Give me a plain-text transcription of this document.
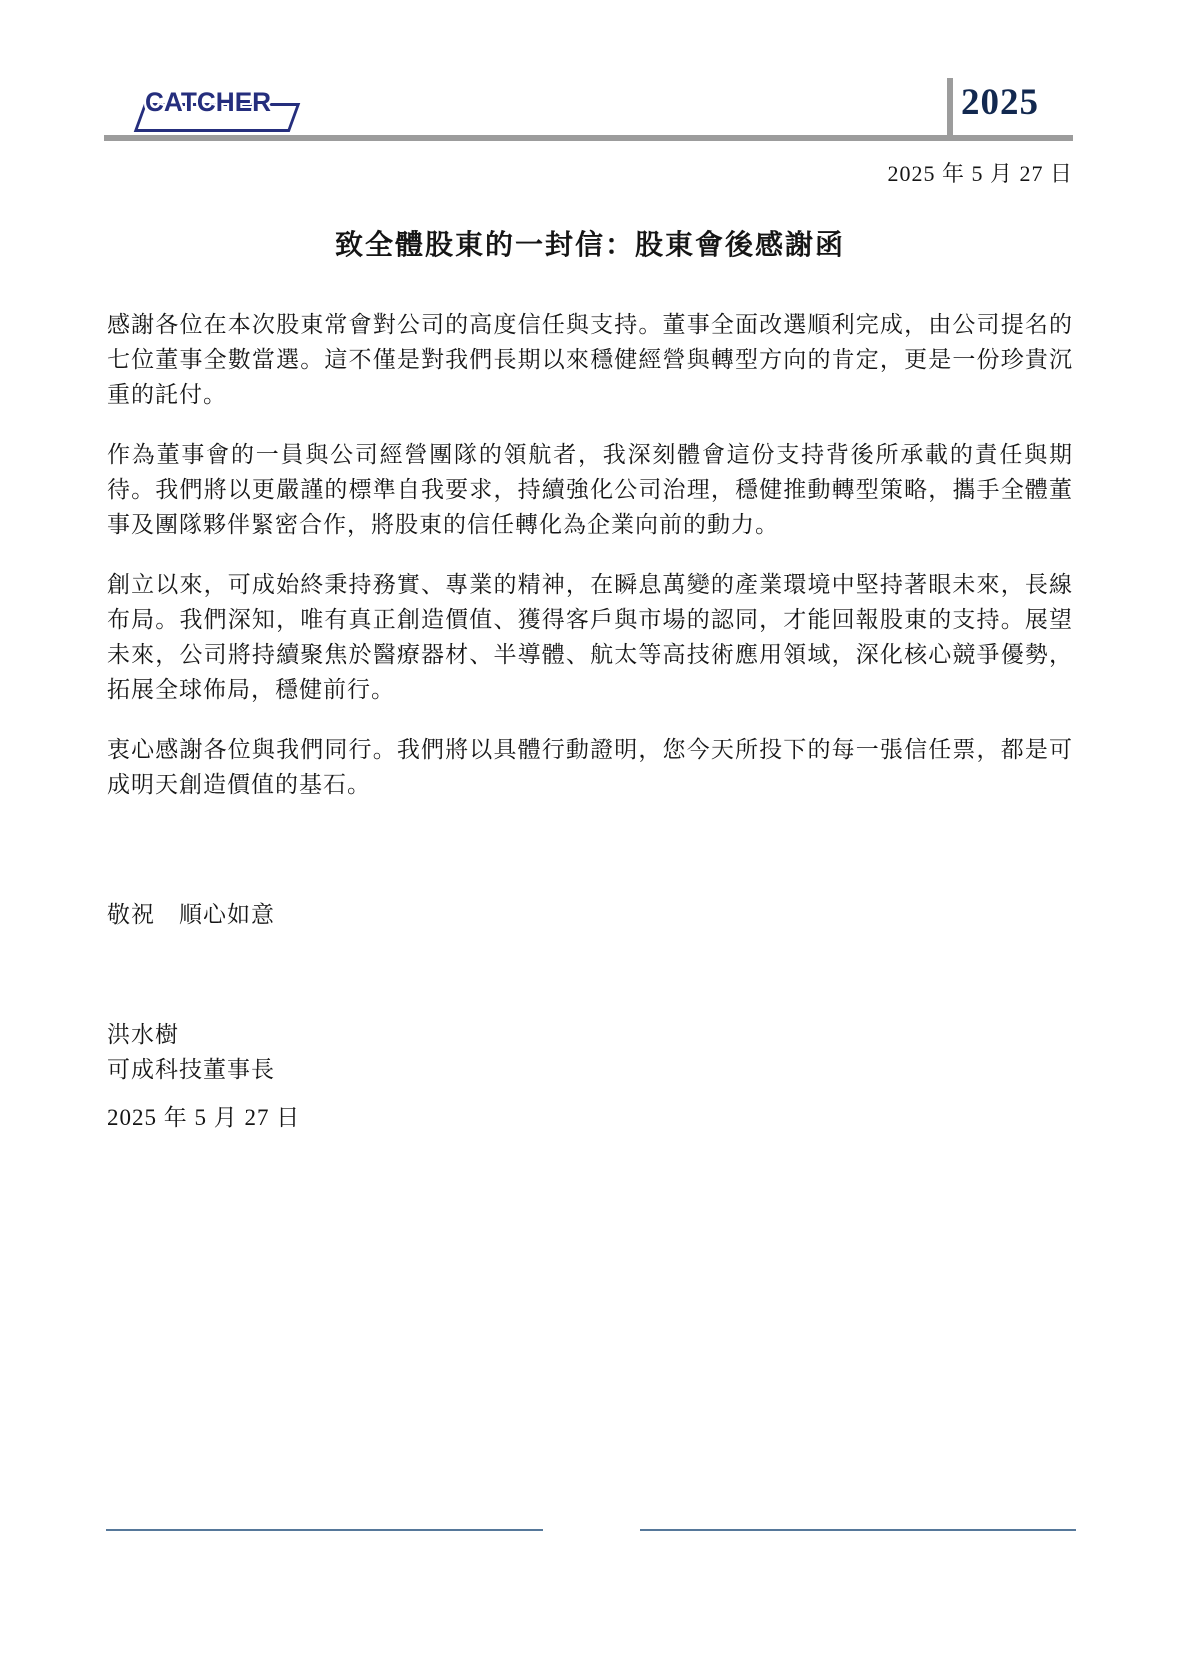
CATCHER	2025
2025 年 5 月 27 日
致全體股東的一封信：股東會後感謝函

感謝各位在本次股東常會對公司的高度信任與支持。董事全面改選順利完成，由公司提名的七位董事全數當選。這不僅是對我們長期以來穩健經營與轉型方向的肯定，更是一份珍貴沉重的託付。

作為董事會的一員與公司經營團隊的領航者，我深刻體會這份支持背後所承載的責任與期待。我們將以更嚴謹的標準自我要求，持續強化公司治理，穩健推動轉型策略，攜手全體董事及團隊夥伴緊密合作，將股東的信任轉化為企業向前的動力。

創立以來，可成始終秉持務實、專業的精神，在瞬息萬變的產業環境中堅持著眼未來，長線布局。我們深知，唯有真正創造價值、獲得客戶與市場的認同，才能回報股東的支持。展望未來，公司將持續聚焦於醫療器材、半導體、航太等高技術應用領域，深化核心競爭優勢，拓展全球佈局，穩健前行。

衷心感謝各位與我們同行。我們將以具體行動證明，您今天所投下的每一張信任票，都是可成明天創造價值的基石。

敬祝　順心如意
洪水樹
可成科技董事長
2025 年 5 月 27 日
